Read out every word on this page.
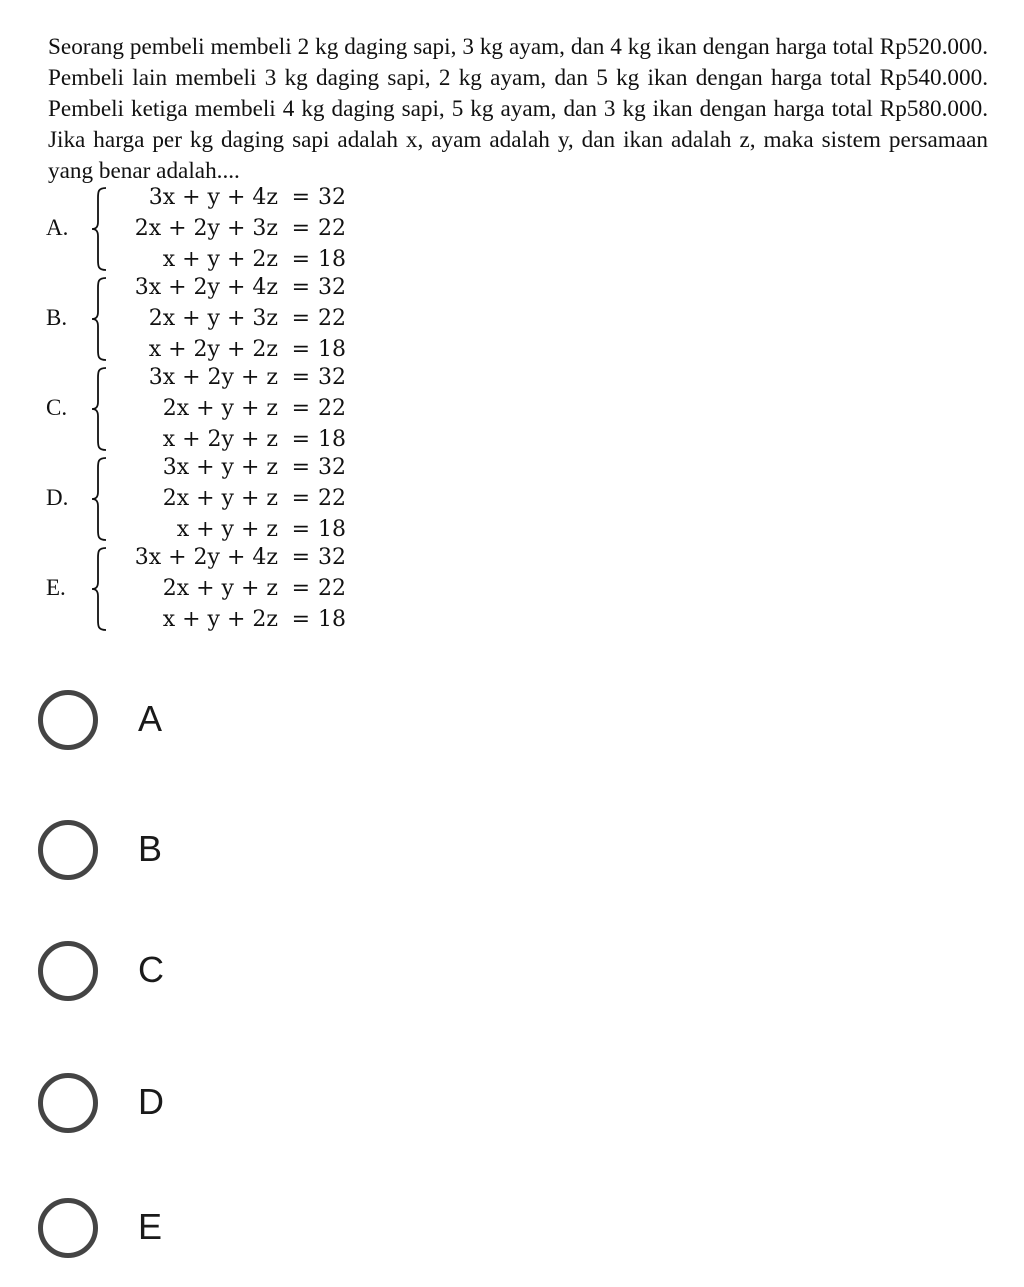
Seorang pembeli membeli 2 kg daging sapi, 3 kg ayam, dan 4 kg ikan dengan harga total Rp520.000. Pembeli lain membeli 3 kg daging sapi, 2 kg ayam, dan 5 kg ikan dengan harga total Rp540.000. Pembeli ketiga membeli 4 kg daging sapi, 5 kg ayam, dan 3 kg ikan dengan harga total Rp580.000. Jika harga per kg daging sapi adalah x, ayam adalah y, dan ikan adalah z, maka sistem persamaan yang benar adalah....
A.
3x + y + 4z = 32
2x + 2y + 3z = 22
x + y + 2z = 18
B.
3x + 2y + 4z = 32
2x + y + 3z = 22
x + 2y + 2z = 18
C.
3x + 2y + z = 32
2x + y + z = 22
x + 2y + z = 18
D.
3x + y + z = 32
2x + y + z = 22
x + y + z = 18
E.
3x + 2y + 4z = 32
2x + y + z = 22
x + y + 2z = 18
A
B
C
D
E
